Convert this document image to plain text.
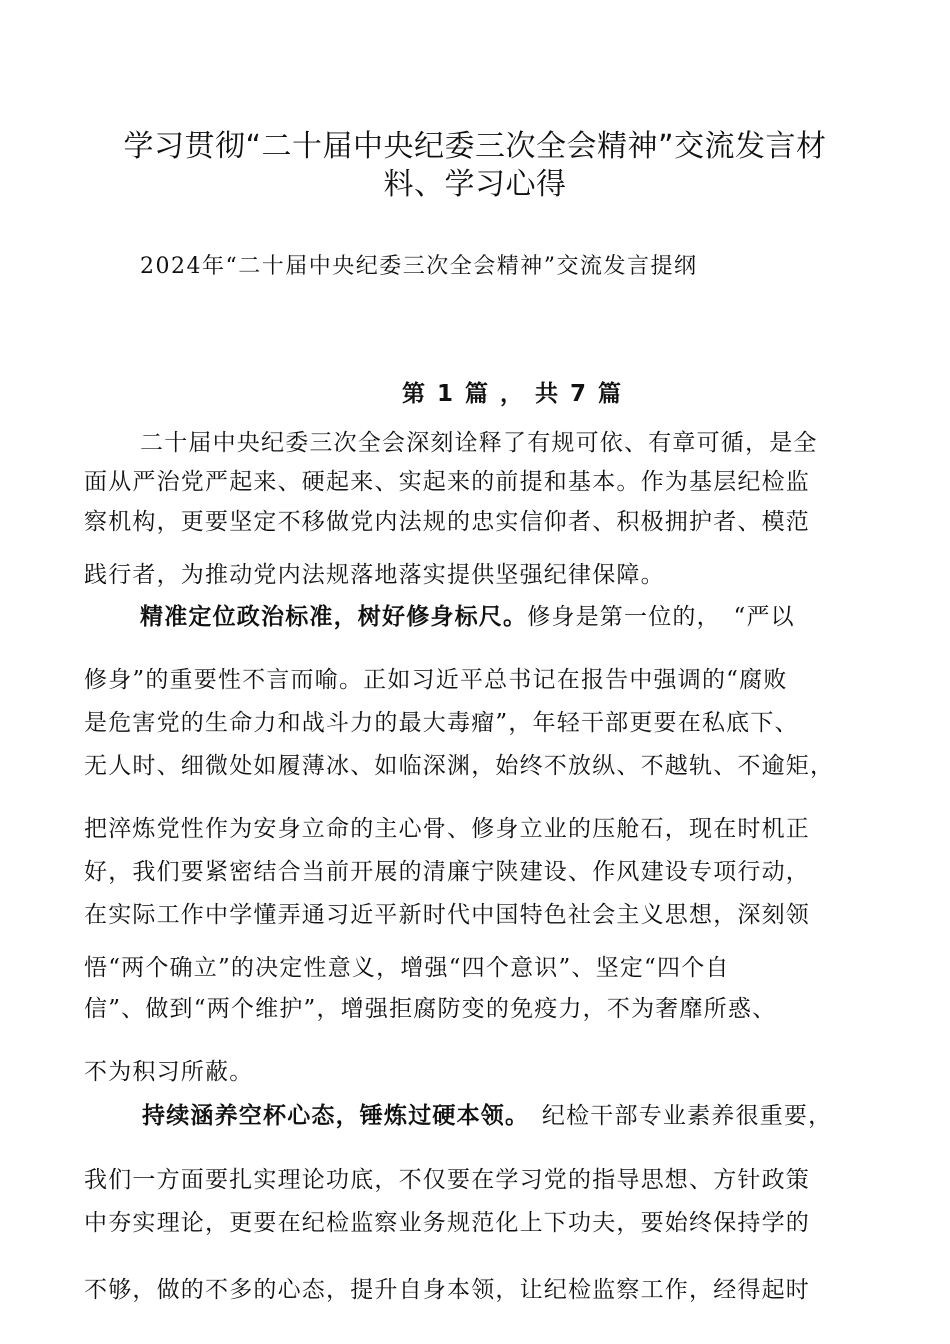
学习贯彻“二十届中央纪委三次全会精神”交流发言材
料、学习心得
2024年“二十届中央纪委三次全会精神”交流发言提纲
第 1 篇 ， 共 7 篇
二十届中央纪委三次全会深刻诠释了有规可依、有章可循，是全
面从严治党严起来、硬起来、实起来的前提和基本。作为基层纪检监
察机构，更要坚定不移做党内法规的忠实信仰者、积极拥护者、模范
践行者，为推动党内法规落地落实提供坚强纪律保障。
精准定位政治标准，树好修身标尺。修身是第一位的，　“严以
修身”的重要性不言而喻。正如习近平总书记在报告中强调的“腐败
是危害党的生命力和战斗力的最大毒瘤”，年轻干部更要在私底下、
无人时、细微处如履薄冰、如临深渊，始终不放纵、不越轨、不逾矩，
把淬炼党性作为安身立命的主心骨、修身立业的压舱石，现在时机正
好，我们要紧密结合当前开展的清廉宁陕建设、作风建设专项行动，
在实际工作中学懂弄通习近平新时代中国特色社会主义思想，深刻领
悟“两个确立”的决定性意义，增强“四个意识”、坚定“四个自
信”、做到“两个维护”，增强拒腐防变的免疫力，不为奢靡所惑、
不为积习所蔽。
持续涵养空杯心态，锤炼过硬本领。　纪检干部专业素养很重要，
我们一方面要扎实理论功底，不仅要在学习党的指导思想、方针政策
中夯实理论，更要在纪检监察业务规范化上下功夫，要始终保持学的
不够，做的不多的心态，提升自身本领，让纪检监察工作，经得起时
